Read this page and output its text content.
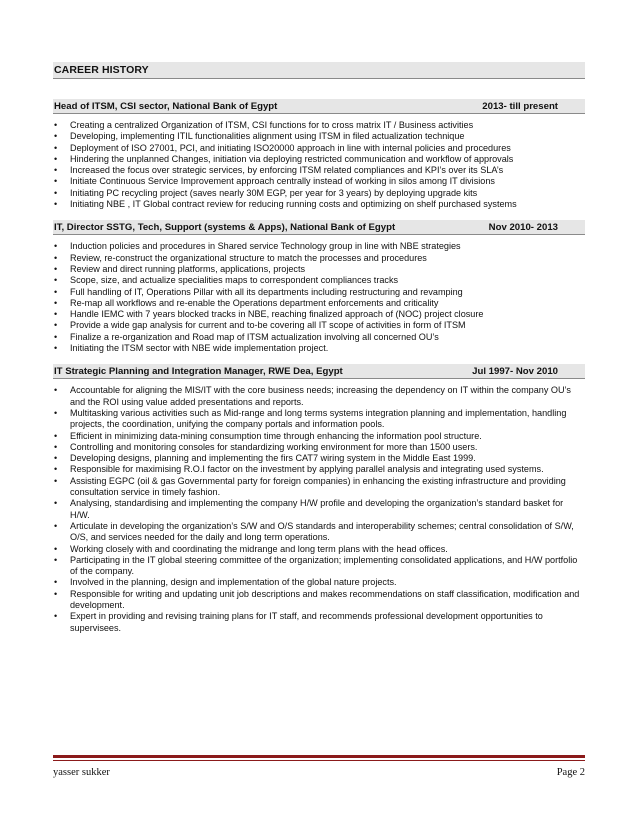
CAREER HISTORY
Head of ITSM, CSI sector, National Bank of Egypt	2013- till present
• Creating a centralized Organization of ITSM, CSI functions for to cross matrix IT / Business activities
• Developing, implementing ITIL functionalities alignment using ITSM in filed actualization technique
• Deployment of ISO 27001, PCI, and initiating ISO20000 approach in line with internal policies and procedures
• Hindering the unplanned Changes, initiation via deploying restricted communication and workflow of approvals
• Increased the focus over strategic services, by enforcing ITSM related compliances and KPI’s over its SLA’s
• Initiate Continuous Service Improvement approach centrally instead of working in silos among IT divisions
• Initiating PC recycling project (saves nearly 30M EGP, per year for 3 years) by deploying upgrade kits
• Initiating NBE , IT Global contract review for reducing running costs and optimizing on shelf purchased systems
IT, Director SSTG, Tech, Support (systems & Apps), National Bank of Egypt	Nov 2010- 2013
• Induction policies and procedures in Shared service Technology group in line with NBE strategies
• Review, re-construct the organizational structure to match the processes and procedures
• Review and direct running platforms, applications, projects
• Scope, size, and actualize specialities maps to correspondent compliances tracks
• Full handling of IT, Operations Pillar with all its departments including restructuring and revamping
• Re-map all workflows and re-enable the Operations department enforcements and criticality
• Handle IEMC with 7 years blocked tracks in NBE, reaching finalized approach of (NOC) project closure
• Provide a wide gap analysis for current and to-be covering all IT scope of activities in form of ITSM
• Finalize a re-organization and Road map of ITSM actualization involving all concerned OU’s
• Initiating the ITSM sector with NBE wide implementation project.
IT Strategic Planning and Integration Manager, RWE Dea, Egypt	Jul 1997- Nov 2010
• Accountable for aligning the MIS/IT with the core business needs; increasing the dependency on IT within the company OU’s and the ROI using value added presentations and reports.
• Multitasking various activities such as Mid-range and long terms systems integration planning and implementation, handling projects, the coordination, unifying the company portals and information pools.
• Efficient in minimizing data-mining consumption time through enhancing the information pool structure.
• Controlling and monitoring consoles for standardizing working environment for more than 1500 users.
• Developing designs, planning and implementing the firs CAT7 wiring system in the Middle East 1999.
• Responsible for maximising R.O.I factor on the investment by applying parallel analysis and integrating used systems.
• Assisting EGPC (oil & gas Governmental party for foreign companies) in enhancing the existing infrastructure and providing consultation service in timely fashion.
• Analysing, standardising and implementing the company H/W profile and developing the organization’s standard basket for H/W.
• Articulate in developing the organization’s S/W and O/S standards and interoperability schemes; central consolidation of S/W, O/S, and services needed for the daily and long term operations.
• Working closely with and coordinating the midrange and long term plans with the head offices.
• Participating in the IT global steering committee of the organization; implementing consolidated applications, and H/W portfolio of the company.
• Involved in the planning, design and implementation of the global nature projects.
• Responsible for writing and updating unit job descriptions and makes recommendations on staff classification, modification and development.
• Expert in providing and revising training plans for IT staff, and recommends professional development opportunities to supervisees.
yasser sukker	Page 2
